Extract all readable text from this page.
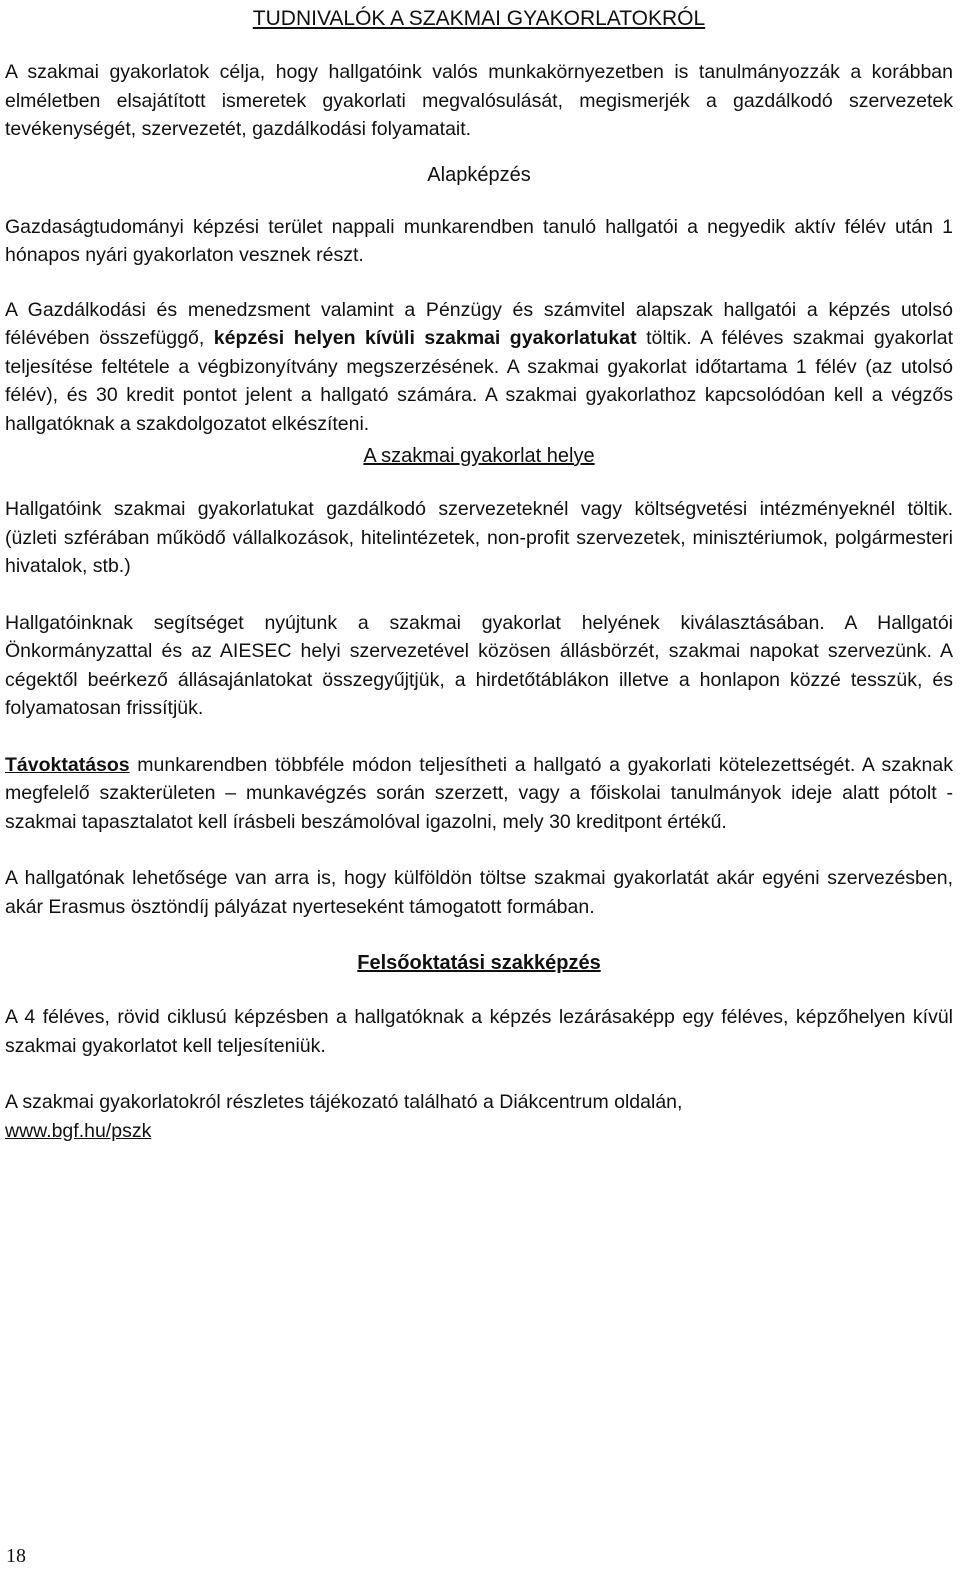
TUDNIVALÓK A SZAKMAI GYAKORLATOKRÓL

A szakmai gyakorlatok célja, hogy hallgatóink valós munkakörnyezetben is tanulmányozzák a korábban elméletben elsajátított ismeretek gyakorlati megvalósulását, megismerjék a gazdálkodó szervezetek tevékenységét, szervezetét, gazdálkodási folyamatait.

Alapképzés

Gazdaságtudományi képzési terület nappali munkarendben tanuló hallgatói a negyedik aktív félév után 1 hónapos nyári gyakorlaton vesznek részt.

A Gazdálkodási és menedzsment valamint a Pénzügy és számvitel alapszak hallgatói a képzés utolsó félévében összefüggő, képzési helyen kívüli szakmai gyakorlatukat töltik. A féléves szakmai gyakorlat teljesítése feltétele a végbizonyítvány megszerzésének. A szakmai gyakorlat időtartama 1 félév (az utolsó félév), és 30 kredit pontot jelent a hallgató számára. A szakmai gyakorlathoz kapcsolódóan kell a végzős hallgatóknak a szakdolgozatot elkészíteni.

A szakmai gyakorlat helye

Hallgatóink szakmai gyakorlatukat gazdálkodó szervezeteknél vagy költségvetési intézményeknél töltik. (üzleti szférában működő vállalkozások, hitelintézetek, non-profit szervezetek, minisztériumok, polgármesteri hivatalok, stb.)

Hallgatóinknak segítséget nyújtunk a szakmai gyakorlat helyének kiválasztásában. A Hallgatói Önkormányzattal és az AIESEC helyi szervezetével közösen állásbörzét, szakmai napokat szervezünk. A cégektől beérkező állásajánlatokat összegyűjtjük, a hirdetőtáblákon illetve a honlapon közzé tesszük, és folyamatosan frissítjük.

Távoktatásos munkarendben többféle módon teljesítheti a hallgató a gyakorlati kötelezettségét. A szaknak megfelelő szakterületen – munkavégzés során szerzett, vagy a főiskolai tanulmányok ideje alatt pótolt - szakmai tapasztalatot kell írásbeli beszámolóval igazolni, mely 30 kreditpont értékű.

A hallgatónak lehetősége van arra is, hogy külföldön töltse szakmai gyakorlatát akár egyéni szervezésben, akár Erasmus ösztöndíj pályázat nyerteseként támogatott formában.

Felsőoktatási szakképzés

A 4 féléves, rövid ciklusú képzésben a hallgatóknak a képzés lezárásaképp egy féléves, képzőhelyen kívül szakmai gyakorlatot kell teljesíteniük.

A szakmai gyakorlatokról részletes tájékozató található a Diákcentrum oldalán,
www.bgf.hu/pszk

18
